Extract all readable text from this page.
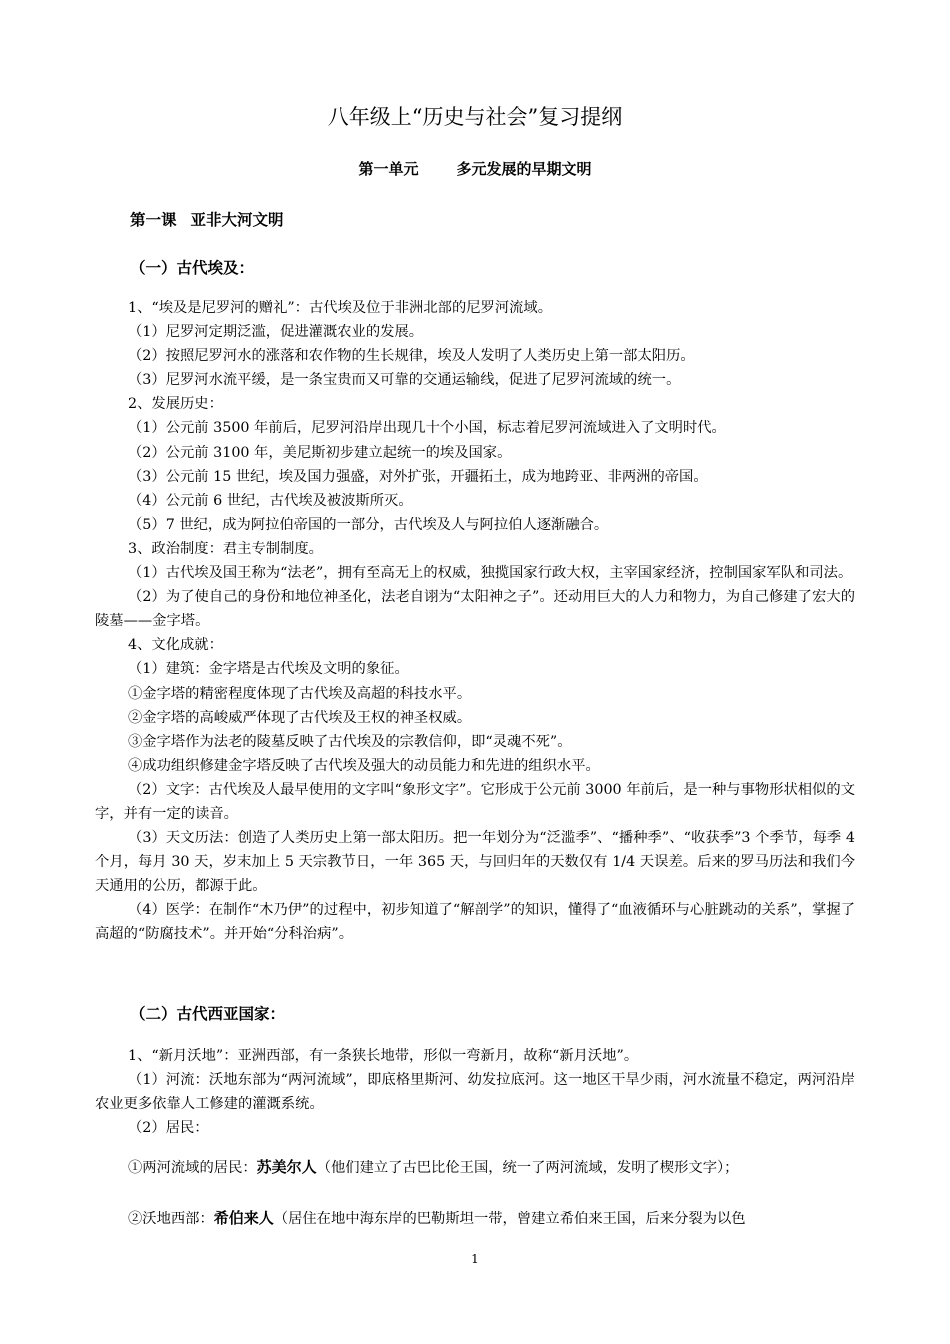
八年级上“历史与社会”复习提纲
第一单元	多元发展的早期文明
第一课 亚非大河文明
（一）古代埃及：

1、“埃及是尼罗河的赠礼”：古代埃及位于非洲北部的尼罗河流域。

（1）尼罗河定期泛滥，促进灌溉农业的发展。

（2）按照尼罗河水的涨落和农作物的生长规律，埃及人发明了人类历史上第一部太阳历。

（3）尼罗河水流平缓，是一条宝贵而又可靠的交通运输线，促进了尼罗河流域的统一。

2、发展历史：

（1）公元前 3500 年前后，尼罗河沿岸出现几十个小国，标志着尼罗河流域进入了文明时代。

（2）公元前 3100 年，美尼斯初步建立起统一的埃及国家。

（3）公元前 15 世纪，埃及国力强盛，对外扩张，开疆拓土，成为地跨亚、非两洲的帝国。

（4）公元前 6 世纪，古代埃及被波斯所灭。

（5）7 世纪，成为阿拉伯帝国的一部分，古代埃及人与阿拉伯人逐渐融合。

3、政治制度：君主专制制度。

（1）古代埃及国王称为“法老”，拥有至高无上的权威，独揽国家行政大权，主宰国家经济，控制国家军队和司法。

（2）为了使自己的身份和地位神圣化，法老自诩为“太阳神之子”。还动用巨大的人力和物力，为自己修建了宏大的陵墓——金字塔。

4、文化成就：

（1）建筑：金字塔是古代埃及文明的象征。

①金字塔的精密程度体现了古代埃及高超的科技水平。

②金字塔的高峻威严体现了古代埃及王权的神圣权威。

③金字塔作为法老的陵墓反映了古代埃及的宗教信仰，即“灵魂不死”。

④成功组织修建金字塔反映了古代埃及强大的动员能力和先进的组织水平。

（2）文字：古代埃及人最早使用的文字叫“象形文字”。它形成于公元前 3000 年前后，是一种与事物形状相似的文字，并有一定的读音。

（3）天文历法：创造了人类历史上第一部太阳历。把一年划分为“泛滥季”、“播种季”、“收获季”3 个季节，每季 4 个月，每月 30 天，岁末加上 5 天宗教节日，一年 365 天，与回归年的天数仅有 1/4 天误差。后来的罗马历法和我们今天通用的公历，都源于此。

（4）医学：在制作“木乃伊”的过程中，初步知道了“解剖学”的知识，懂得了“血液循环与心脏跳动的关系”，掌握了高超的“防腐技术”。并开始“分科治病”。

（二）古代西亚国家：

1、“新月沃地”：亚洲西部，有一条狭长地带，形似一弯新月，故称“新月沃地”。

（1）河流：沃地东部为“两河流域”，即底格里斯河、幼发拉底河。这一地区干旱少雨，河水流量不稳定，两河沿岸农业更多依靠人工修建的灌溉系统。

（2）居民：

①两河流域的居民：苏美尔人（他们建立了古巴比伦王国，统一了两河流域，发明了楔形文字）；
②沃地西部：希伯来人（居住在地中海东岸的巴勒斯坦一带，曾建立希伯来王国，后来分裂为以色
1
